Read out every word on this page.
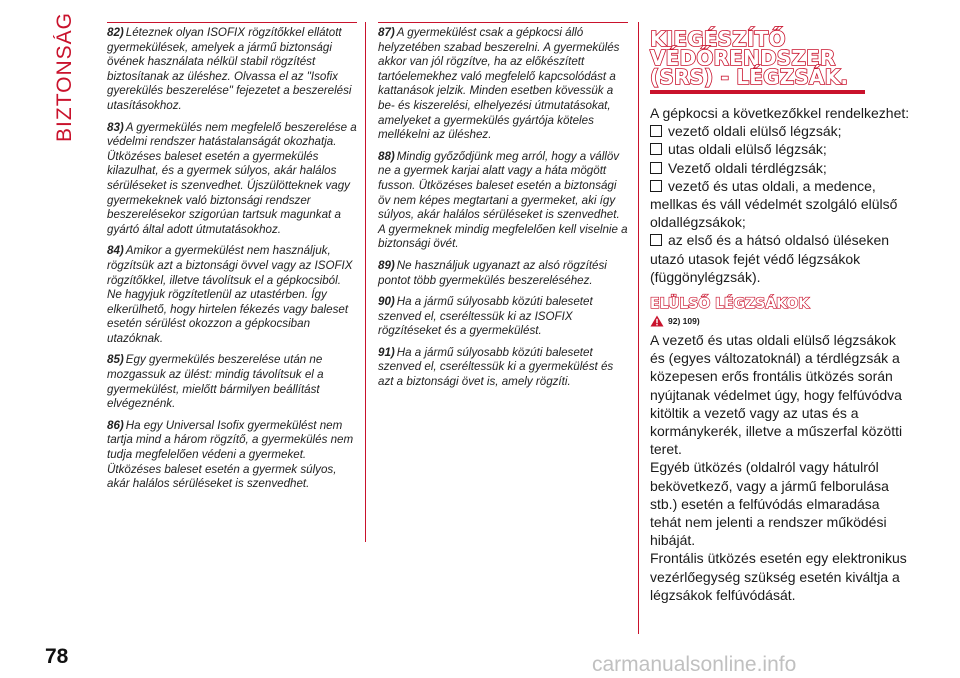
BIZTONSÁG	82) Léteznek olyan ISOFIX rögzítőkkel ellátott gyermekülések, amelyek a jármű biztonsági övének használata nélkül stabil rögzítést biztosítanak az üléshez. Olvassa el az "Isofix gyerekülés beszerelése" fejezetet a beszerelési utasításokhoz.
83) A gyermekülés nem megfelelő beszerelése a védelmi rendszer hatástalanságát okozhatja. Ütközéses baleset esetén a gyermekülés kilazulhat, és a gyermek súlyos, akár halálos sérüléseket is szenvedhet. Újszülötteknek vagy gyermekeknek való biztonsági rendszer beszerelésekor szigorúan tartsuk magunkat a gyártó által adott útmutatásokhoz.
84) Amikor a gyermekülést nem használjuk, rögzítsük azt a biztonsági övvel vagy az ISOFIX rögzítőkkel, illetve távolítsuk el a gépkocsiból. Ne hagyjuk rögzítetlenül az utastérben. Így elkerülhető, hogy hirtelen fékezés vagy baleset esetén sérülést okozzon a gépkocsiban utazóknak.
85) Egy gyermekülés beszerelése után ne mozgassuk az ülést: mindig távolítsuk el a gyermekülést, mielőtt bármilyen beállítást elvégeznénk.
86) Ha egy Universal Isofix gyermekülést nem tartja mind a három rögzítő, a gyermekülés nem tudja megfelelően védeni a gyermeket. Ütközéses baleset esetén a gyermek súlyos, akár halálos sérüléseket is szenvedhet.
87) A gyermekülést csak a gépkocsi álló helyzetében szabad beszerelni. A gyermekülés akkor van jól rögzítve, ha az előkészített tartóelemekhez való megfelelő kapcsolódást a kattanások jelzik. Minden esetben kövessük a be- és kiszerelési, elhelyezési útmutatásokat, amelyeket a gyermekülés gyártója köteles mellékelni az üléshez.
88) Mindig győződjünk meg arról, hogy a vállöv ne a gyermek karjai alatt vagy a háta mögött fusson. Ütközéses baleset esetén a biztonsági öv nem képes megtartani a gyermeket, aki így súlyos, akár halálos sérüléseket is szenvedhet. A gyermeknek mindig megfelelően kell viselnie a biztonsági övét.
89) Ne használjuk ugyanazt az alsó rögzítési pontot több gyermekülés beszereléséhez.
90) Ha a jármű súlyosabb közúti balesetet szenved el, cseréltessük ki az ISOFIX rögzítéseket és a gyermekülést.
91) Ha a jármű súlyosabb közúti balesetet szenved el, cseréltessük ki a gyermekülést és azt a biztonsági övet is, amely rögzíti.
KIEGÉSZÍTŐ
VÉDŐRENDSZER
(SRS) - LÉGZSÁK.

A gépkocsi a következőkkel rendelkezhet:

vezető oldali elülső légzsák;

utas oldali elülső légzsák;

Vezető oldali térdlégzsák;

vezető és utas oldali, a medence, mellkas és váll védelmét szolgáló elülső oldallégzsákok;

az első és a hátsó oldalsó üléseken utazó utasok fejét védő légzsákok (függönylégzsák).

ELÜLSŐ LÉGZSÁKOK
92) 109)

A vezető és utas oldali elülső légzsákok és (egyes változatoknál) a térdlégzsák a közepesen erős frontális ütközés során nyújtanak védelmet úgy, hogy felfúvódva kitöltik a vezető vagy az utas és a kormánykerék, illetve a műszerfal közötti teret.

Egyéb ütközés (oldalról vagy hátulról bekövetkező, vagy a jármű felborulása stb.) esetén a felfúvódás elmaradása tehát nem jelenti a rendszer működési hibáját.

Frontális ütközés esetén egy elektronikus vezérlőegység szükség esetén kiváltja a légzsákok felfúvódását.

78	carmanualsonline.info
